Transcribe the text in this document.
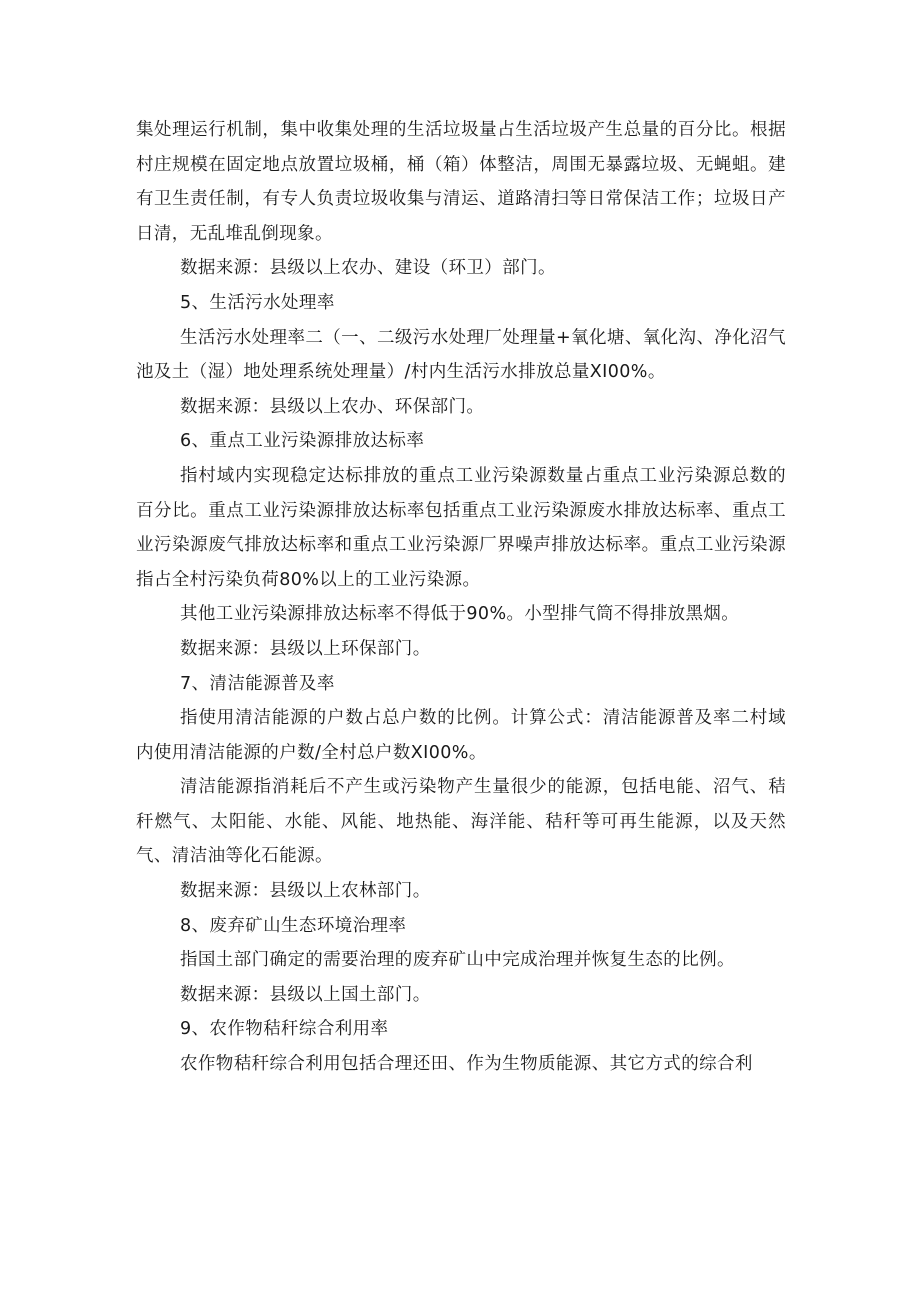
集处理运行机制，集中收集处理的生活垃圾量占生活垃圾产生总量的百分比。根据村庄规模在固定地点放置垃圾桶，桶（箱）体整洁，周围无暴露垃圾、无蝇蛆。建有卫生责任制，有专人负责垃圾收集与清运、道路清扫等日常保洁工作；垃圾日产日清，无乱堆乱倒现象。

数据来源：县级以上农办、建设（环卫）部门。

5、生活污水处理率

生活污水处理率二（一、二级污水处理厂处理量+氧化塘、氧化沟、净化沼气池及土（湿）地处理系统处理量）/村内生活污水排放总量XI00%。

数据来源：县级以上农办、环保部门。

6、重点工业污染源排放达标率

指村域内实现稳定达标排放的重点工业污染源数量占重点工业污染源总数的百分比。重点工业污染源排放达标率包括重点工业污染源废水排放达标率、重点工业污染源废气排放达标率和重点工业污染源厂界噪声排放达标率。重点工业污染源指占全村污染负荷80%以上的工业污染源。

其他工业污染源排放达标率不得低于90%。小型排气筒不得排放黑烟。

数据来源：县级以上环保部门。

7、清洁能源普及率

指使用清洁能源的户数占总户数的比例。计算公式：清洁能源普及率二村域内使用清洁能源的户数/全村总户数XI00%。

清洁能源指消耗后不产生或污染物产生量很少的能源，包括电能、沼气、秸秆燃气、太阳能、水能、风能、地热能、海洋能、秸秆等可再生能源，以及天然气、清洁油等化石能源。

数据来源：县级以上农林部门。

8、废弃矿山生态环境治理率

指国土部门确定的需要治理的废弃矿山中完成治理并恢复生态的比例。

数据来源：县级以上国土部门。

9、农作物秸秆综合利用率

农作物秸秆综合利用包括合理还田、作为生物质能源、其它方式的综合利
